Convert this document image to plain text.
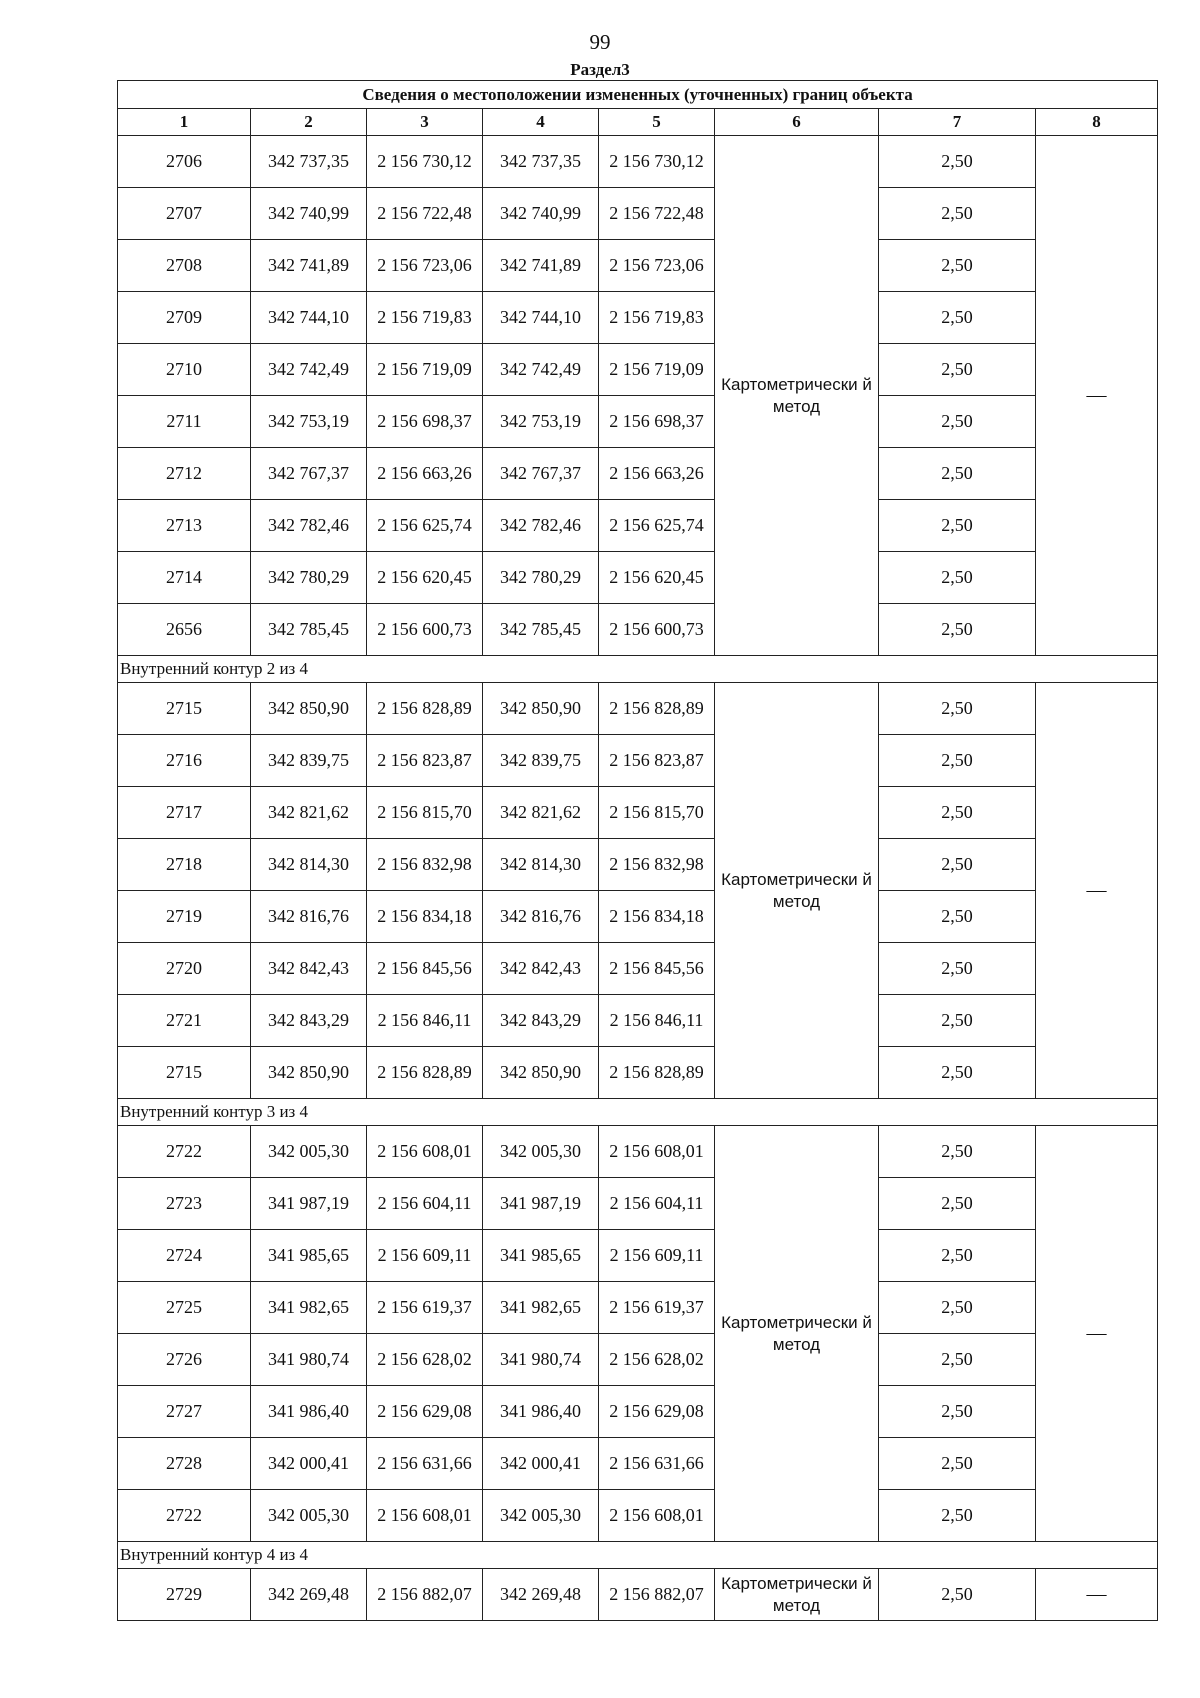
99
Раздел3
Сведения о местоположении измененных (уточненных) границ объекта							
1	2	3	4	5	6	7	8
2706	342 737,35	2 156 730,12	342 737,35	2 156 730,12	Картометрически й метод	2,50	—
2707	342 740,99	2 156 722,48	342 740,99	2 156 722,48		2,50	
2708	342 741,89	2 156 723,06	342 741,89	2 156 723,06		2,50	
2709	342 744,10	2 156 719,83	342 744,10	2 156 719,83		2,50	
2710	342 742,49	2 156 719,09	342 742,49	2 156 719,09		2,50	
2711	342 753,19	2 156 698,37	342 753,19	2 156 698,37		2,50	
2712	342 767,37	2 156 663,26	342 767,37	2 156 663,26		2,50	
2713	342 782,46	2 156 625,74	342 782,46	2 156 625,74		2,50	
2714	342 780,29	2 156 620,45	342 780,29	2 156 620,45		2,50	
2656	342 785,45	2 156 600,73	342 785,45	2 156 600,73		2,50	
Внутренний контур 2 из 4							
2715	342 850,90	2 156 828,89	342 850,90	2 156 828,89	Картометрически й метод	2,50	—
2716	342 839,75	2 156 823,87	342 839,75	2 156 823,87		2,50	
2717	342 821,62	2 156 815,70	342 821,62	2 156 815,70		2,50	
2718	342 814,30	2 156 832,98	342 814,30	2 156 832,98		2,50	
2719	342 816,76	2 156 834,18	342 816,76	2 156 834,18		2,50	
2720	342 842,43	2 156 845,56	342 842,43	2 156 845,56		2,50	
2721	342 843,29	2 156 846,11	342 843,29	2 156 846,11		2,50	
2715	342 850,90	2 156 828,89	342 850,90	2 156 828,89		2,50	
Внутренний контур 3 из 4							
2722	342 005,30	2 156 608,01	342 005,30	2 156 608,01	Картометрически й метод	2,50	—
2723	341 987,19	2 156 604,11	341 987,19	2 156 604,11		2,50	
2724	341 985,65	2 156 609,11	341 985,65	2 156 609,11		2,50	
2725	341 982,65	2 156 619,37	341 982,65	2 156 619,37		2,50	
2726	341 980,74	2 156 628,02	341 980,74	2 156 628,02		2,50	
2727	341 986,40	2 156 629,08	341 986,40	2 156 629,08		2,50	
2728	342 000,41	2 156 631,66	342 000,41	2 156 631,66		2,50	
2722	342 005,30	2 156 608,01	342 005,30	2 156 608,01		2,50	
Внутренний контур 4 из 4							
2729	342 269,48	2 156 882,07	342 269,48	2 156 882,07	Картометрически й метод	2,50	—
